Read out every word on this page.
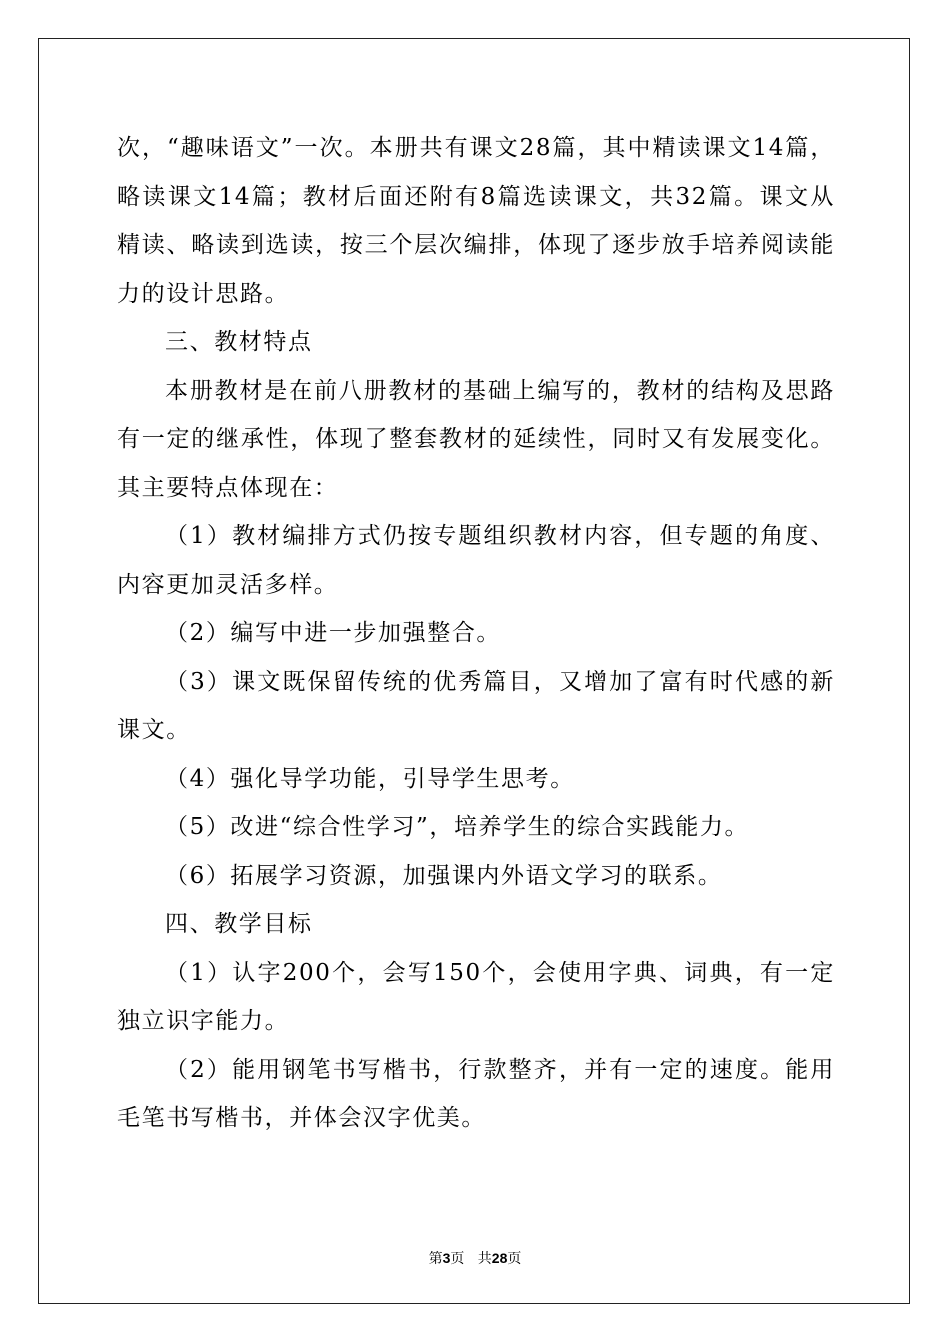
次，“趣味语文”一次。本册共有课文28篇，其中精读课文14篇，略读课文14篇；教材后面还附有8篇选读课文，共32篇。课文从精读、略读到选读，按三个层次编排，体现了逐步放手培养阅读能力的设计思路。

三、教材特点

本册教材是在前八册教材的基础上编写的，教材的结构及思路有一定的继承性，体现了整套教材的延续性，同时又有发展变化。其主要特点体现在：

（1）教材编排方式仍按专题组织教材内容，但专题的角度、内容更加灵活多样。

（2）编写中进一步加强整合。

（3）课文既保留传统的优秀篇目，又增加了富有时代感的新课文。

（4）强化导学功能，引导学生思考。

（5）改进“综合性学习”，培养学生的综合实践能力。

（6）拓展学习资源，加强课内外语文学习的联系。

四、教学目标

（1）认字200个，会写150个，会使用字典、词典，有一定独立识字能力。

（2）能用钢笔书写楷书，行款整齐，并有一定的速度。能用毛笔书写楷书，并体会汉字优美。

第3页 共28页
